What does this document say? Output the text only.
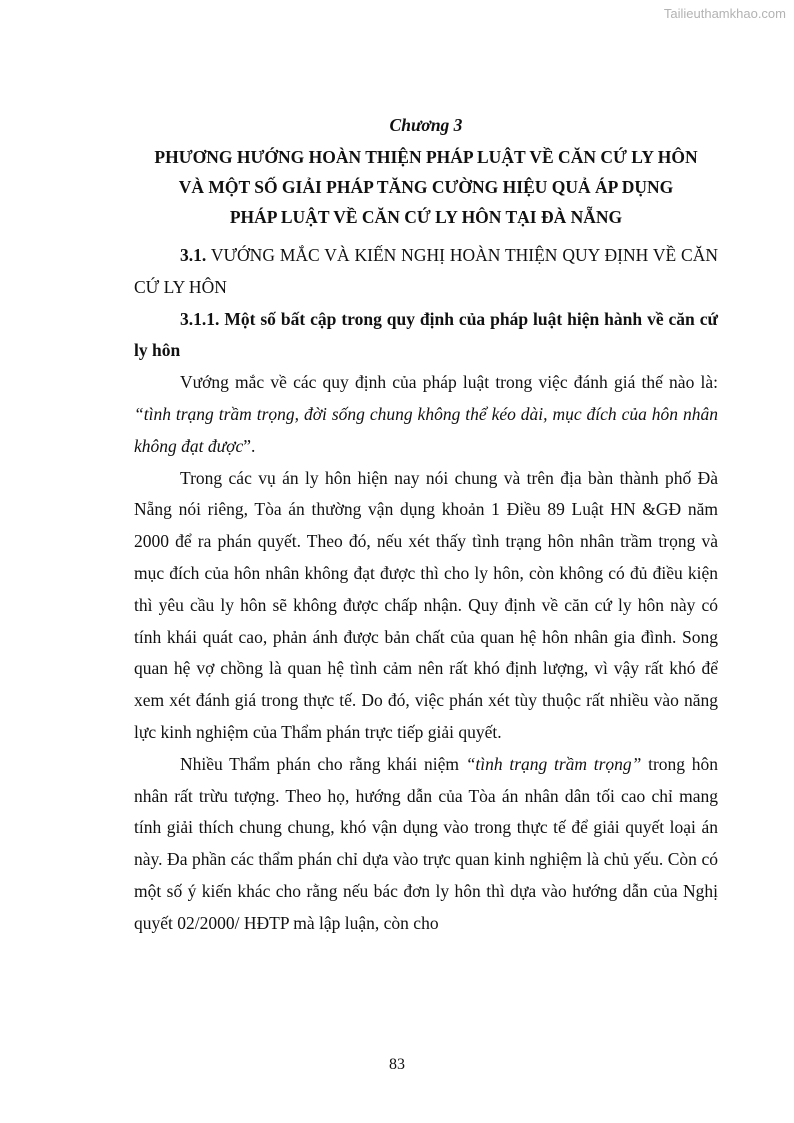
Tailieuthamkhao.com

Chương 3

PHƯƠNG HƯỚNG HOÀN THIỆN PHÁP LUẬT VỀ CĂN CỨ LY HÔN

VÀ MỘT SỐ GIẢI PHÁP TĂNG CƯỜNG HIỆU QUẢ ÁP DỤNG

PHÁP LUẬT VỀ CĂN CỨ LY HÔN TẠI ĐÀ NẴNG

3.1. VƯỚNG MẮC VÀ KIẾN NGHỊ HOÀN THIỆN QUY ĐỊNH VỀ CĂN CỨ LY HÔN

3.1.1. Một số bất cập trong quy định của pháp luật hiện hành về căn cứ ly hôn

Vướng mắc về các quy định của pháp luật trong việc đánh giá thế nào là: “tình trạng trầm trọng, đời sống chung không thể kéo dài, mục đích của hôn nhân không đạt được”.

Trong các vụ án ly hôn hiện nay nói chung và trên địa bàn thành phố Đà Nẵng nói riêng, Tòa án thường vận dụng khoản 1 Điều 89 Luật HN &GĐ năm 2000 để ra phán quyết. Theo đó, nếu xét thấy tình trạng hôn nhân trầm trọng và mục đích của hôn nhân không đạt được thì cho ly hôn, còn không có đủ điều kiện thì yêu cầu ly hôn sẽ không được chấp nhận. Quy định về căn cứ ly hôn này có tính khái quát cao, phản ánh được bản chất của quan hệ hôn nhân gia đình. Song quan hệ vợ chồng là quan hệ tình cảm nên rất khó định lượng, vì vậy rất khó để xem xét đánh giá trong thực tế. Do đó, việc phán xét tùy thuộc rất nhiều vào năng lực kinh nghiệm của Thẩm phán trực tiếp giải quyết.

Nhiều Thẩm phán cho rằng khái niệm “tình trạng trầm trọng” trong hôn nhân rất trừu tượng. Theo họ, hướng dẫn của Tòa án nhân dân tối cao chỉ mang tính giải thích chung chung, khó vận dụng vào trong thực tế để giải quyết loại án này. Đa phần các thẩm phán chỉ dựa vào trực quan kinh nghiệm là chủ yếu. Còn có một số ý kiến khác cho rằng nếu bác đơn ly hôn thì dựa vào hướng dẫn của Nghị quyết 02/2000/ HĐTP mà lập luận, còn cho

83
